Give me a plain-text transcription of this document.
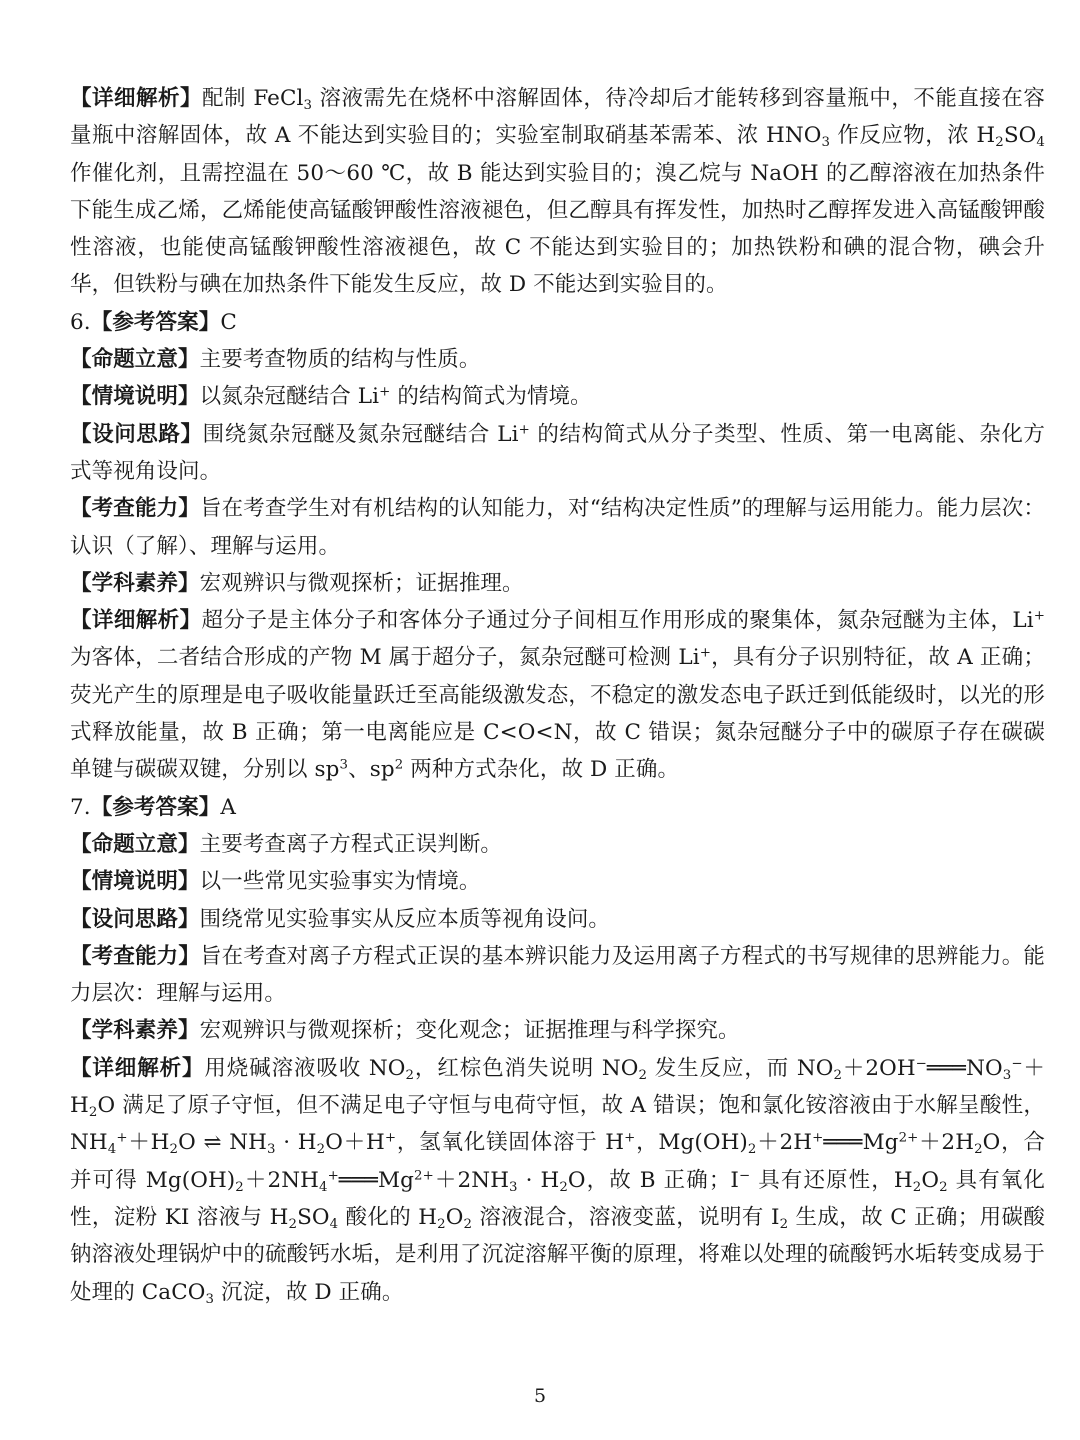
【详细解析】配制 FeCl$_3$ 溶液需先在烧杯中溶解固体，待冷却后才能转移到容量瓶中，不能直接在容量瓶中溶解固体，故 A 不能达到实验目的；实验室制取硝基苯需苯、浓 $HNO_3$ 作反应物，浓 $H_2SO_4$ 作催化剂，且需控温在 50～60 ℃，故 B 能达到实验目的；溴乙烷与 NaOH 的乙醇溶液在加热条件下能生成乙烯，乙烯能使高锰酸钾酸性溶液褪色，但乙醇具有挥发性，加热时乙醇挥发进入高锰酸钾酸性溶液，也能使高锰酸钾酸性溶液褪色，故 C 不能达到实验目的；加热铁粉和碘的混合物，碘会升华，但铁粉与碘在加热条件下能发生反应，故 D 不能达到实验目的。

6.【参考答案】C

【命题立意】主要考查物质的结构与性质。

【情境说明】以氮杂冠醚结合 Li+ 的结构简式为情境。

【设问思路】围绕氮杂冠醚及氮杂冠醚结合 Li+ 的结构简式从分子类型、性质、第一电离能、杂化方式等视角设问。

【考查能力】旨在考查学生对有机结构的认知能力，对“结构决定性质”的理解与运用能力。能力层次：认识（了解）、理解与运用。

【学科素养】宏观辨识与微观探析；证据推理。

【详细解析】超分子是主体分子和客体分子通过分子间相互作用形成的聚集体，氮杂冠醚为主体，Li+ 为客体，二者结合形成的产物 M 属于超分子，氮杂冠醚可检测 Li+，具有分子识别特征，故 A 正确；荧光产生的原理是电子吸收能量跃迁至高能级激发态，不稳定的激发态电子跃迁到低能级时，以光的形式释放能量，故 B 正确；第一电离能应是 C<O<N，故 C 错误；氮杂冠醚分子中的碳原子存在碳碳单键与碳碳双键，分别以 $sp^3$、$sp^2$ 两种方式杂化，故 D 正确。

7.【参考答案】A

【命题立意】主要考查离子方程式正误判断。

【情境说明】以一些常见实验事实为情境。

【设问思路】围绕常见实验事实从反应本质等视角设问。

【考查能力】旨在考查对离子方程式正误的基本辨识能力及运用离子方程式的书写规律的思辨能力。能力层次：理解与运用。

【学科素养】宏观辨识与微观探析；变化观念；证据推理与科学探究。

【详细解析】用烧碱溶液吸收 $NO_2$，红棕色消失说明 $NO_2$ 发生反应，而 $NO_2+2OH^-═══NO_3^-+H_2O$ 满足了原子守恒，但不满足电子守恒与电荷守恒，故 A 错误；饱和氯化铵溶液由于水解呈酸性，$NH_4^++H_2O$ ⇌ $NH_3 \cdot H_2O+H^+$，氢氧化镁固体溶于 H+，$Mg(OH)_2+2H^+═══Mg^{2+}+2H_2O$，合并可得 $Mg(OH)_2+2NH_4^+═══Mg^{2+}+2NH_3 \cdot H_2O$，故 B 正确；I− 具有还原性，$H_2O_2$ 具有氧化性，淀粉 KI 溶液与 $H_2SO_4$ 酸化的 $H_2O_2$ 溶液混合，溶液变蓝，说明有 $I_2$ 生成，故 C 正确；用碳酸钠溶液处理锅炉中的硫酸钙水垢，是利用了沉淀溶解平衡的原理，将难以处理的硫酸钙水垢转变成易于处理的 CaCO$_3$ 沉淀，故 D 正确。

5
